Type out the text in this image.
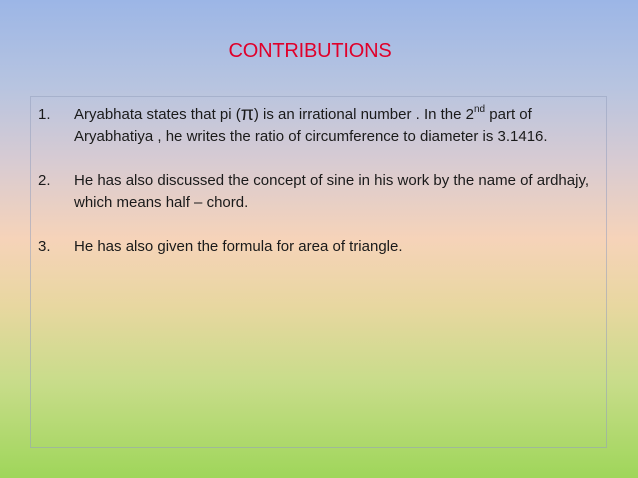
CONTRIBUTIONS
1. Aryabhata states that pi (π) is an irrational number . In the 2nd part of Aryabhatiya , he writes the ratio of circumference to diameter is 3.1416.
2. He has also discussed the concept of sine in his work by the name of ardhajy, which means half – chord.
3. He has also given the formula for area of triangle.
